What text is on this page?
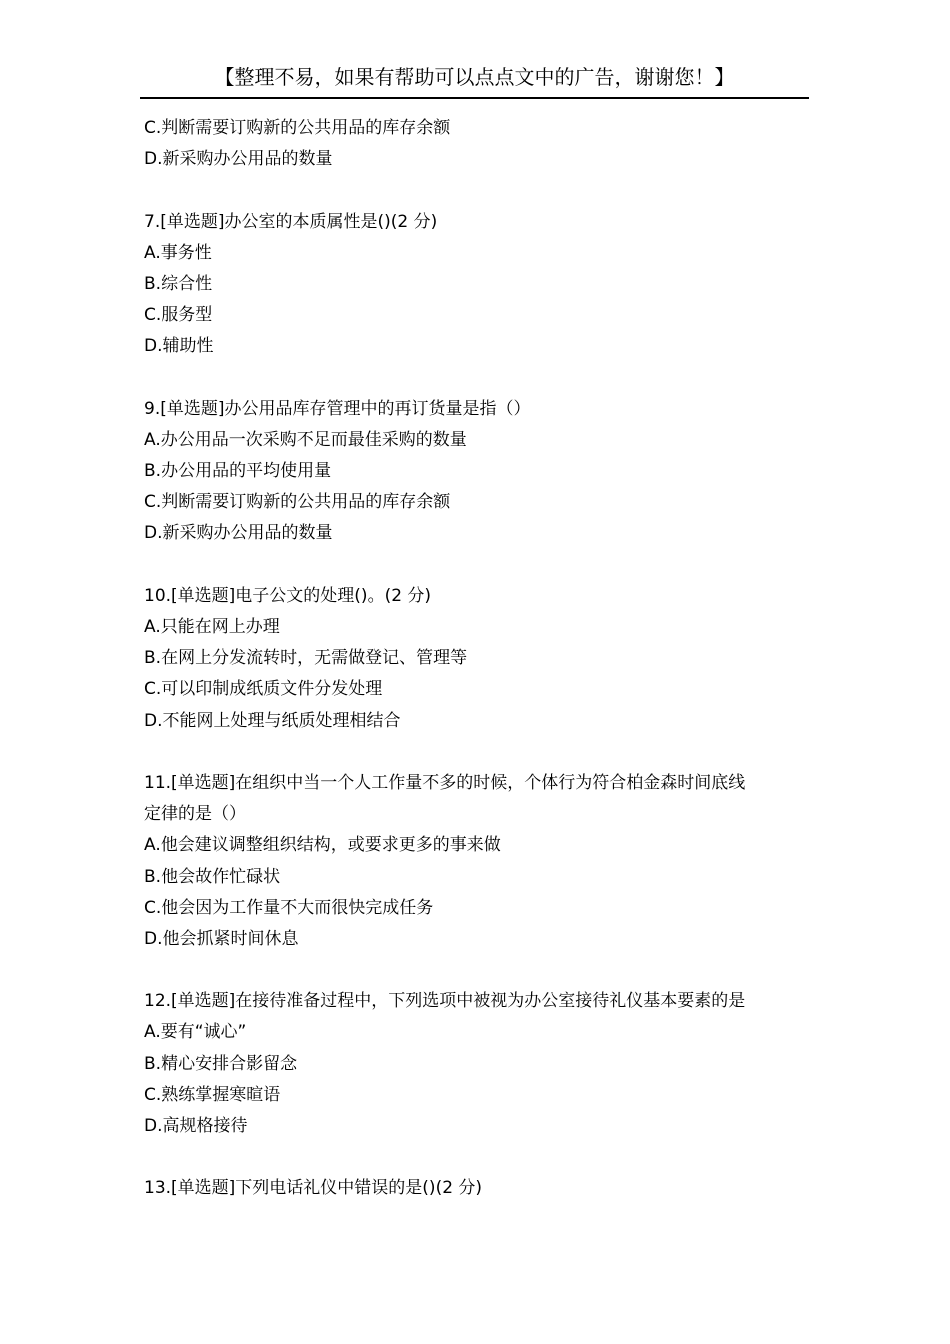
【整理不易，如果有帮助可以点点文中的广告，谢谢您！】
C.判断需要订购新的公共用品的库存余额
D.新采购办公用品的数量
7.[单选题]办公室的本质属性是()(2 分)
A.事务性
B.综合性
C.服务型
D.辅助性
9.[单选题]办公用品库存管理中的再订货量是指（）
A.办公用品一次采购不足而最佳采购的数量
B.办公用品的平均使用量
C.判断需要订购新的公共用品的库存余额
D.新采购办公用品的数量
10.[单选题]电子公文的处理()。(2 分)
A.只能在网上办理
B.在网上分发流转时，无需做登记、管理等
C.可以印制成纸质文件分发处理
D.不能网上处理与纸质处理相结合
11.[单选题]在组织中当一个人工作量不多的时候，个体行为符合柏金森时间底线
定律的是（）
A.他会建议调整组织结构，或要求更多的事来做
B.他会故作忙碌状
C.他会因为工作量不大而很快完成任务
D.他会抓紧时间休息
12.[单选题]在接待准备过程中，下列选项中被视为办公室接待礼仪基本要素的是
A.要有“诚心”
B.精心安排合影留念
C.熟练掌握寒暄语
D.高规格接待
13.[单选题]下列电话礼仪中错误的是()(2 分)
